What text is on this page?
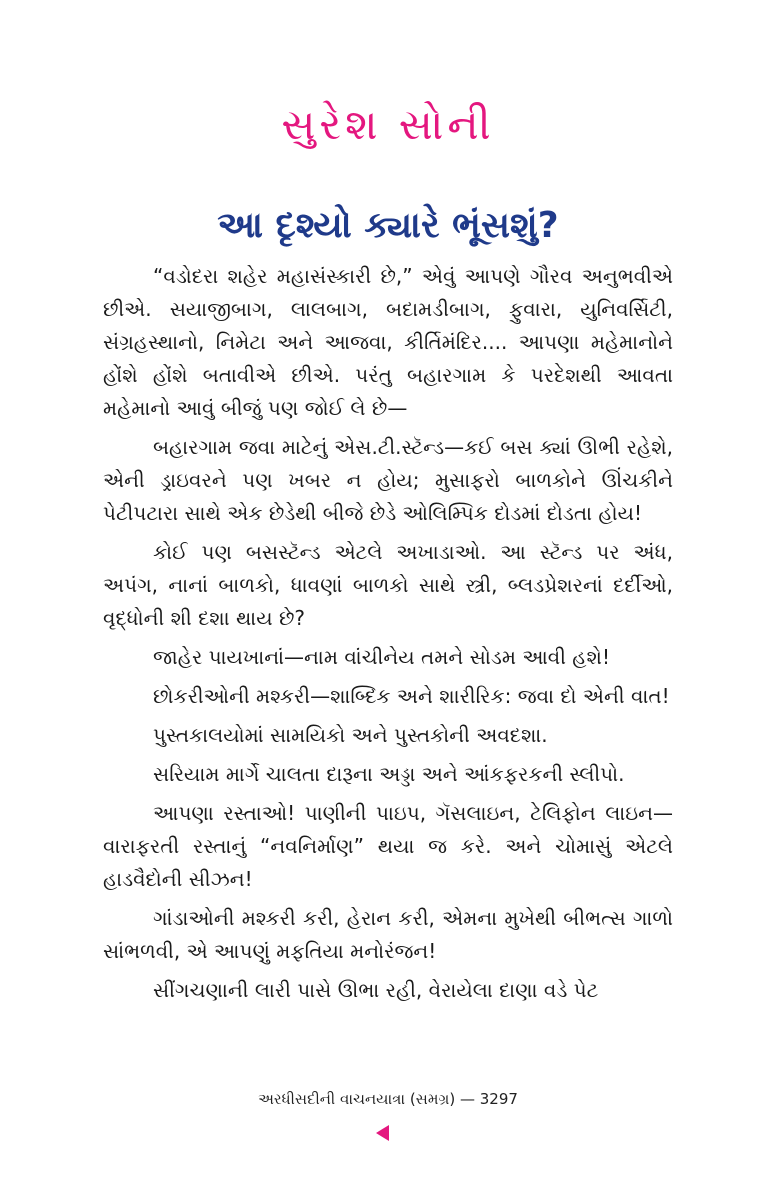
સુરેશ સોની
આ દૃશ્યો ક્યારે ભૂંસશું?

“વડોદરા શહેર મહાસંસ્કારી છે,” એવું આપણે ગૌરવ અનુભવીએ છીએ. સયાજીબાગ, લાલબાગ, બદામડીબાગ, ફુવારા, યુનિવર્સિટી, સંગ્રહસ્થાનો, નિમેટા અને આજવા, કીર્તિમંદિર.... આપણા મહેમાનોને હોંશે હોંશે બતાવીએ છીએ. પરંતુ બહારગામ કે પરદેશથી આવતા મહેમાનો આવું બીજું પણ જોઈ લે છે—

બહારગામ જવા માટેનું એસ.ટી.સ્ટૅન્ડ—કઈ બસ ક્યાં ઊભી રહેશે, એની ડ્રાઇવરને પણ ખબર ન હોય; મુસાફરો બાળકોને ઊંચકીને પેટીપટારા સાથે એક છેડેથી બીજે છેડે ઓલિમ્પિક દોડમાં દોડતા હોય!

કોઈ પણ બસસ્ટૅન્ડ એટલે અખાડાઓ. આ સ્ટૅન્ડ પર અંધ, અપંગ, નાનાં બાળકો, ધાવણાં બાળકો સાથે સ્ત્રી, બ્લડપ્રેશરનાં દર્દીઓ, વૃદ્ધોની શી દશા થાય છે?

જાહેર પાયખાનાં—નામ વાંચીનેય તમને સોડમ આવી હશે!

છોકરીઓની મશ્કરી—શાબ્દિક અને શારીરિક: જવા દો એની વાત!

પુસ્તકાલયોમાં સામયિકો અને પુસ્તકોની અવદશા.

સરિયામ માર્ગે ચાલતા દારૂના અડ્ડા અને આંકફરકની સ્લીપો.

આપણા રસ્તાઓ! પાણીની પાઇપ, ગૅસલાઇન, ટેલિફોન લાઇન—વારાફરતી રસ્તાનું “નવનિર્માણ” થયા જ કરે. અને ચોમાસું એટલે હાડવૈદોની સીઝન!

ગાંડાઓની મશ્કરી કરી, હેરાન કરી, એમના મુખેથી બીભત્સ ગાળો સાંભળવી, એ આપણું મફતિયા મનોરંજન!

સીંગચણાની લારી પાસે ઊભા રહી, વેરાયેલા દાણા વડે પેટ

અરધીસદીની વાચનયાત્રા (સમગ્ર) — 3297
